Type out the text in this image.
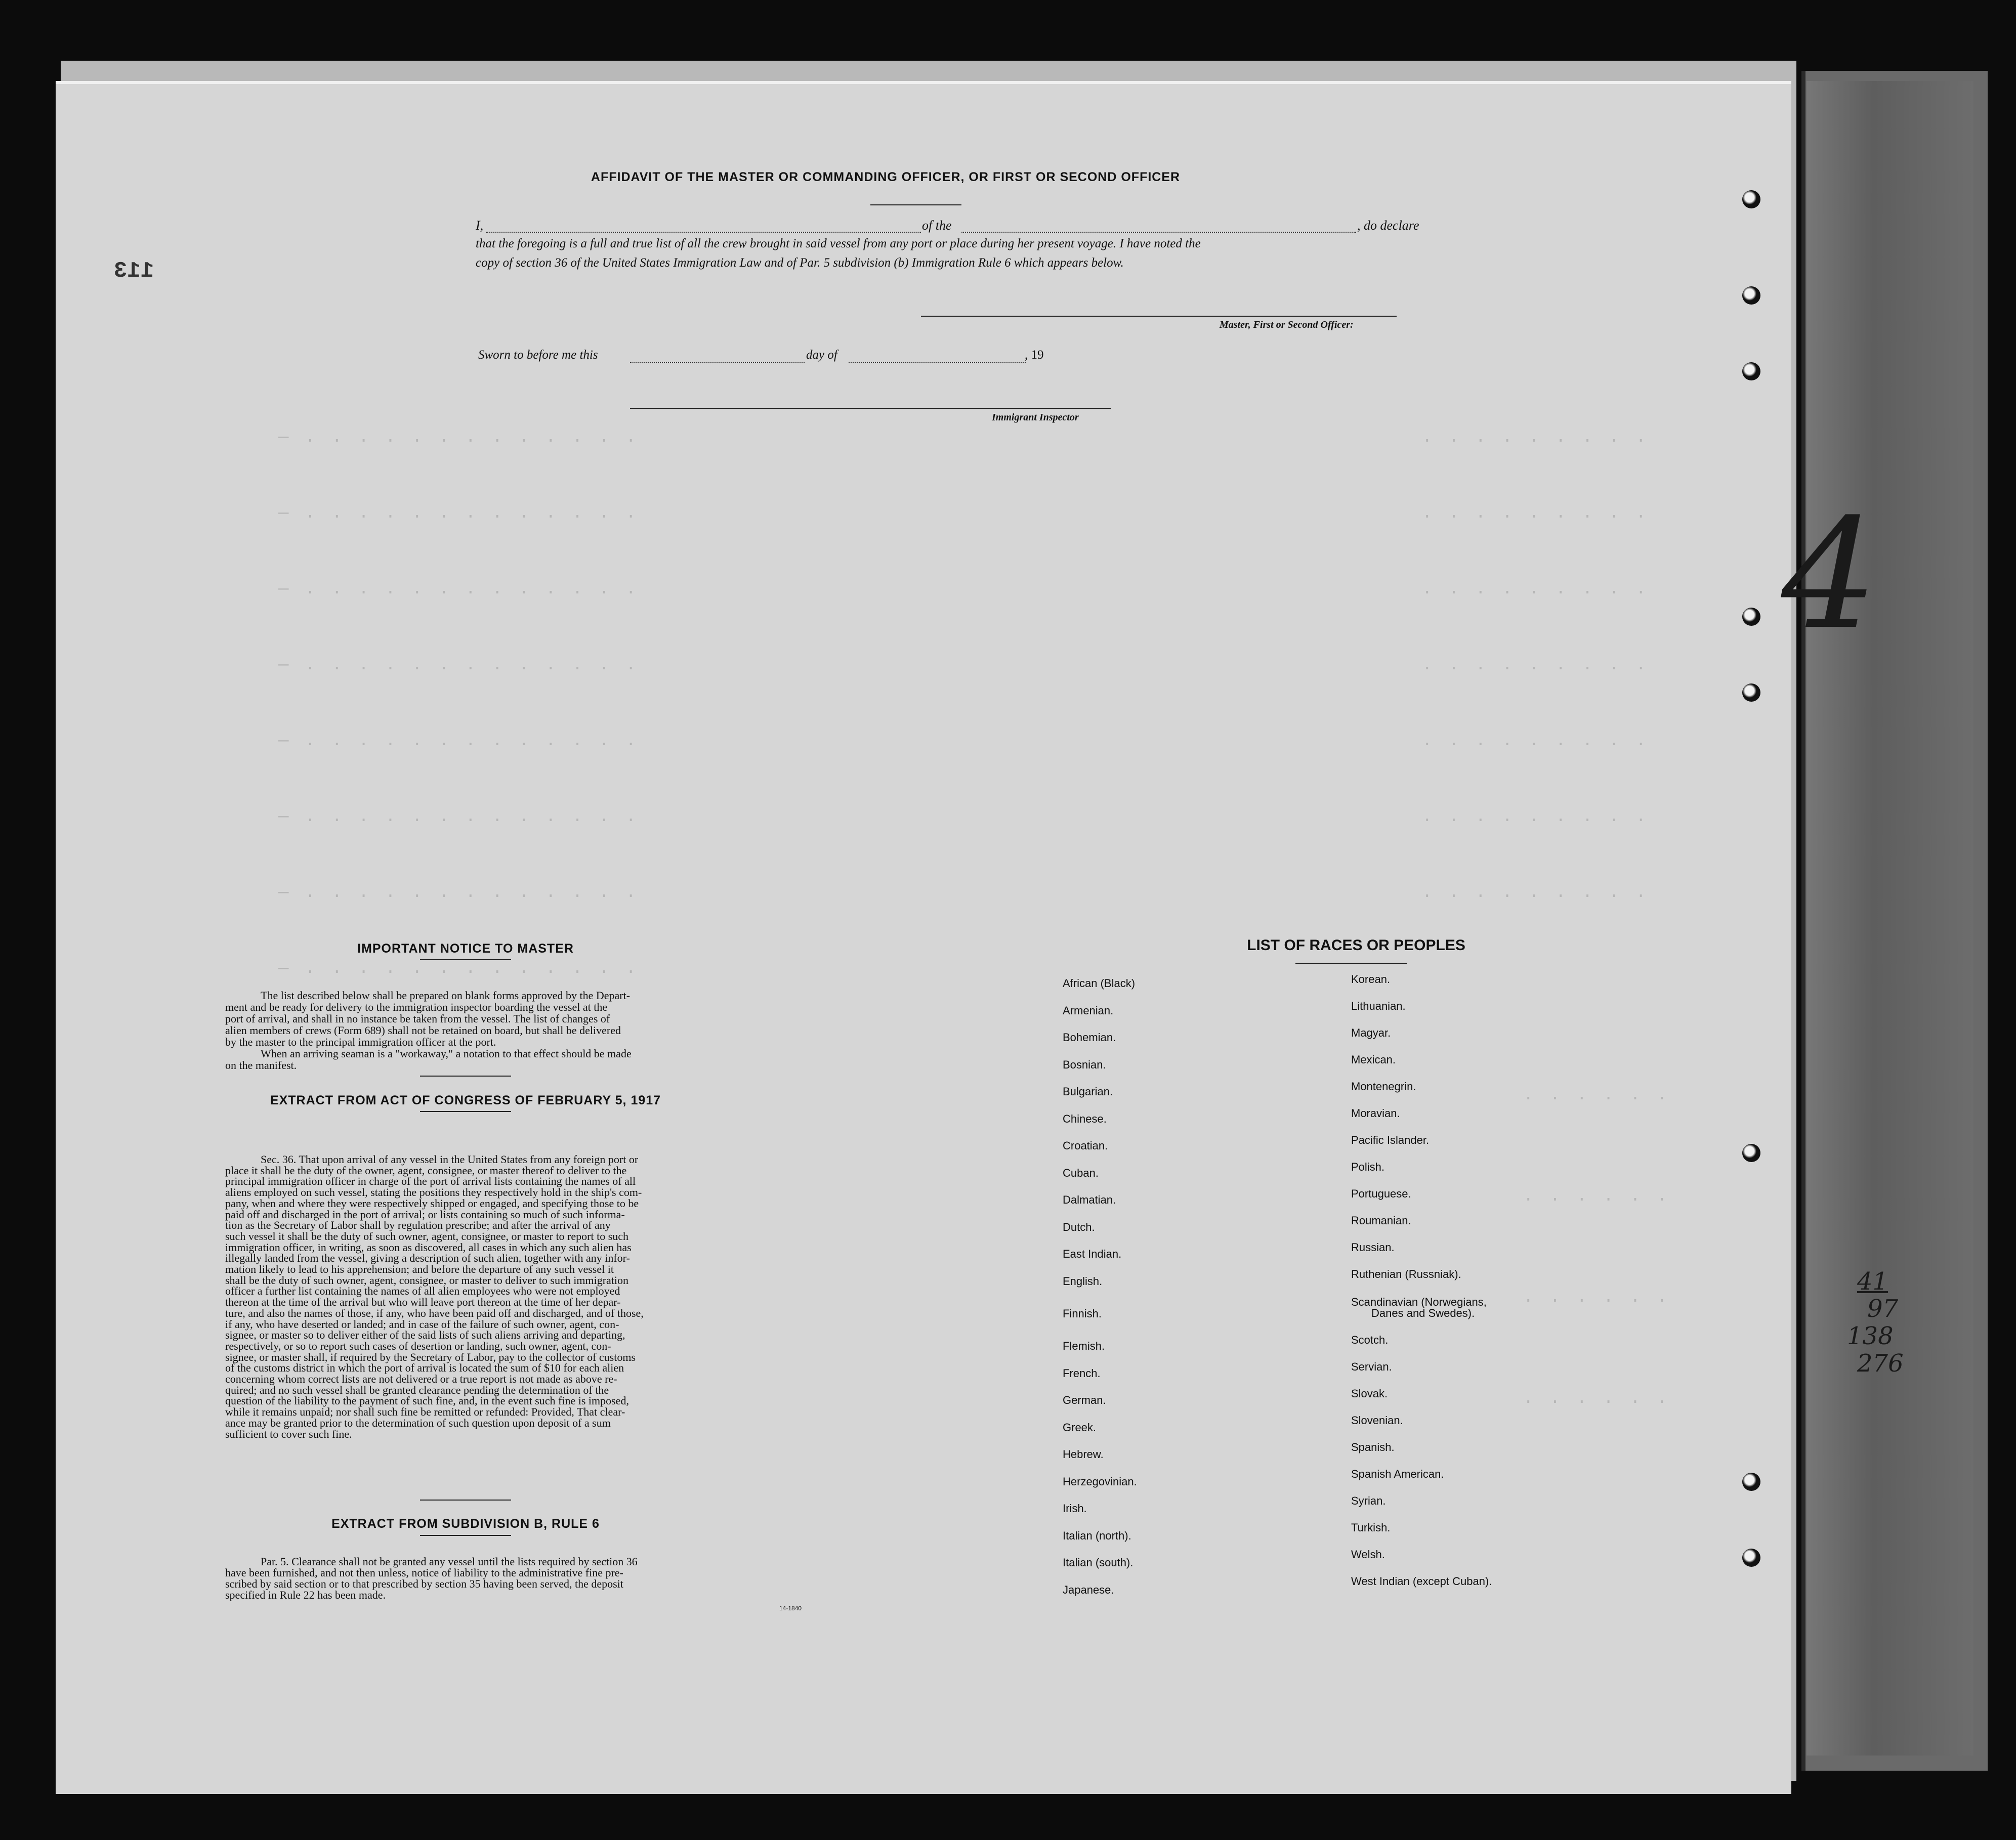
— . . . . . . . . . . . . .
— . . . . . . . . . . . . .
— . . . . . . . . . . . . .
— . . . . . . . . . . . . .
— . . . . . . . . . . . . .
— . . . . . . . . . . . . .
— . . . . . . . . . . . . .
— . . . . . . . . . . . . .
. . . . . . . . .
. . . . . . . . .
. . . . . . . . .
. . . . . . . . .
. . . . . . . . .
. . . . . . . . .
. . . . . . . . .
. . . . . .
. . . . . .
. . . . . .
. . . . . .
113
AFFIDAVIT OF THE MASTER OR COMMANDING OFFICER, OR FIRST OR SECOND OFFICER
I,	of the	, do declare
that the foregoing is a full and true list of all the crew brought in said vessel from any port or place during her present voyage. I have noted the
copy of section 36 of the United States Immigration Law and of Par. 5 subdivision (b) Immigration Rule 6 which appears below.
Master, First or Second Officer:
Sworn to before me this	day of	, 19
Immigrant Inspector
IMPORTANT NOTICE TO MASTER
The list described below shall be prepared on blank forms approved by the Depart-
ment and be ready for delivery to the immigration inspector boarding the vessel at the
port of arrival, and shall in no instance be taken from the vessel. The list of changes of
alien members of crews (Form 689) shall not be retained on board, but shall be delivered
by the master to the principal immigration officer at the port.
When an arriving seaman is a "workaway," a notation to that effect should be made
on the manifest.
EXTRACT FROM ACT OF CONGRESS OF FEBRUARY 5, 1917
Sec. 36. That upon arrival of any vessel in the United States from any foreign port or
place it shall be the duty of the owner, agent, consignee, or master thereof to deliver to the
principal immigration officer in charge of the port of arrival lists containing the names of all
aliens employed on such vessel, stating the positions they respectively hold in the ship's com-
pany, when and where they were respectively shipped or engaged, and specifying those to be
paid off and discharged in the port of arrival; or lists containing so much of such informa-
tion as the Secretary of Labor shall by regulation prescribe; and after the arrival of any
such vessel it shall be the duty of such owner, agent, consignee, or master to report to such
immigration officer, in writing, as soon as discovered, all cases in which any such alien has
illegally landed from the vessel, giving a description of such alien, together with any infor-
mation likely to lead to his apprehension; and before the departure of any such vessel it
shall be the duty of such owner, agent, consignee, or master to deliver to such immigration
officer a further list containing the names of all alien employees who were not employed
thereon at the time of the arrival but who will leave port thereon at the time of her depar-
ture, and also the names of those, if any, who have been paid off and discharged, and of those,
if any, who have deserted or landed; and in case of the failure of such owner, agent, con-
signee, or master so to deliver either of the said lists of such aliens arriving and departing,
respectively, or so to report such cases of desertion or landing, such owner, agent, con-
signee, or master shall, if required by the Secretary of Labor, pay to the collector of customs
of the customs district in which the port of arrival is located the sum of $10 for each alien
concerning whom correct lists are not delivered or a true report is not made as above re-
quired; and no such vessel shall be granted clearance pending the determination of the
question of the liability to the payment of such fine, and, in the event such fine is imposed,
while it remains unpaid; nor shall such fine be remitted or refunded: Provided, That clear-
ance may be granted prior to the determination of such question upon deposit of a sum
sufficient to cover such fine.
EXTRACT FROM SUBDIVISION B, RULE 6
Par. 5. Clearance shall not be granted any vessel until the lists required by section 36
have been furnished, and not then unless, notice of liability to the administrative fine pre-
scribed by said section or to that prescribed by section 35 having been served, the deposit
specified in Rule 22 has been made.
14-1840
LIST OF RACES OR PEOPLES
African (Black)
Armenian.
Bohemian.
Bosnian.
Bulgarian.
Chinese.
Croatian.
Cuban.
Dalmatian.
Dutch.
East Indian.
English.
Finnish.
Flemish.
French.
German.
Greek.
Hebrew.
Herzegovinian.
Irish.
Italian (north).
Italian (south).
Japanese.
Korean.
Lithuanian.
Magyar.
Mexican.
Montenegrin.
Moravian.
Pacific Islander.
Polish.
Portuguese.
Roumanian.
Russian.
Ruthenian (Russniak).
Scandinavian (Norwegians,
Danes and Swedes).
Scotch.
Servian.
Slovak.
Slovenian.
Spanish.
Spanish American.
Syrian.
Turkish.
Welsh.
West Indian (except Cuban).
4
41
97
138
276
